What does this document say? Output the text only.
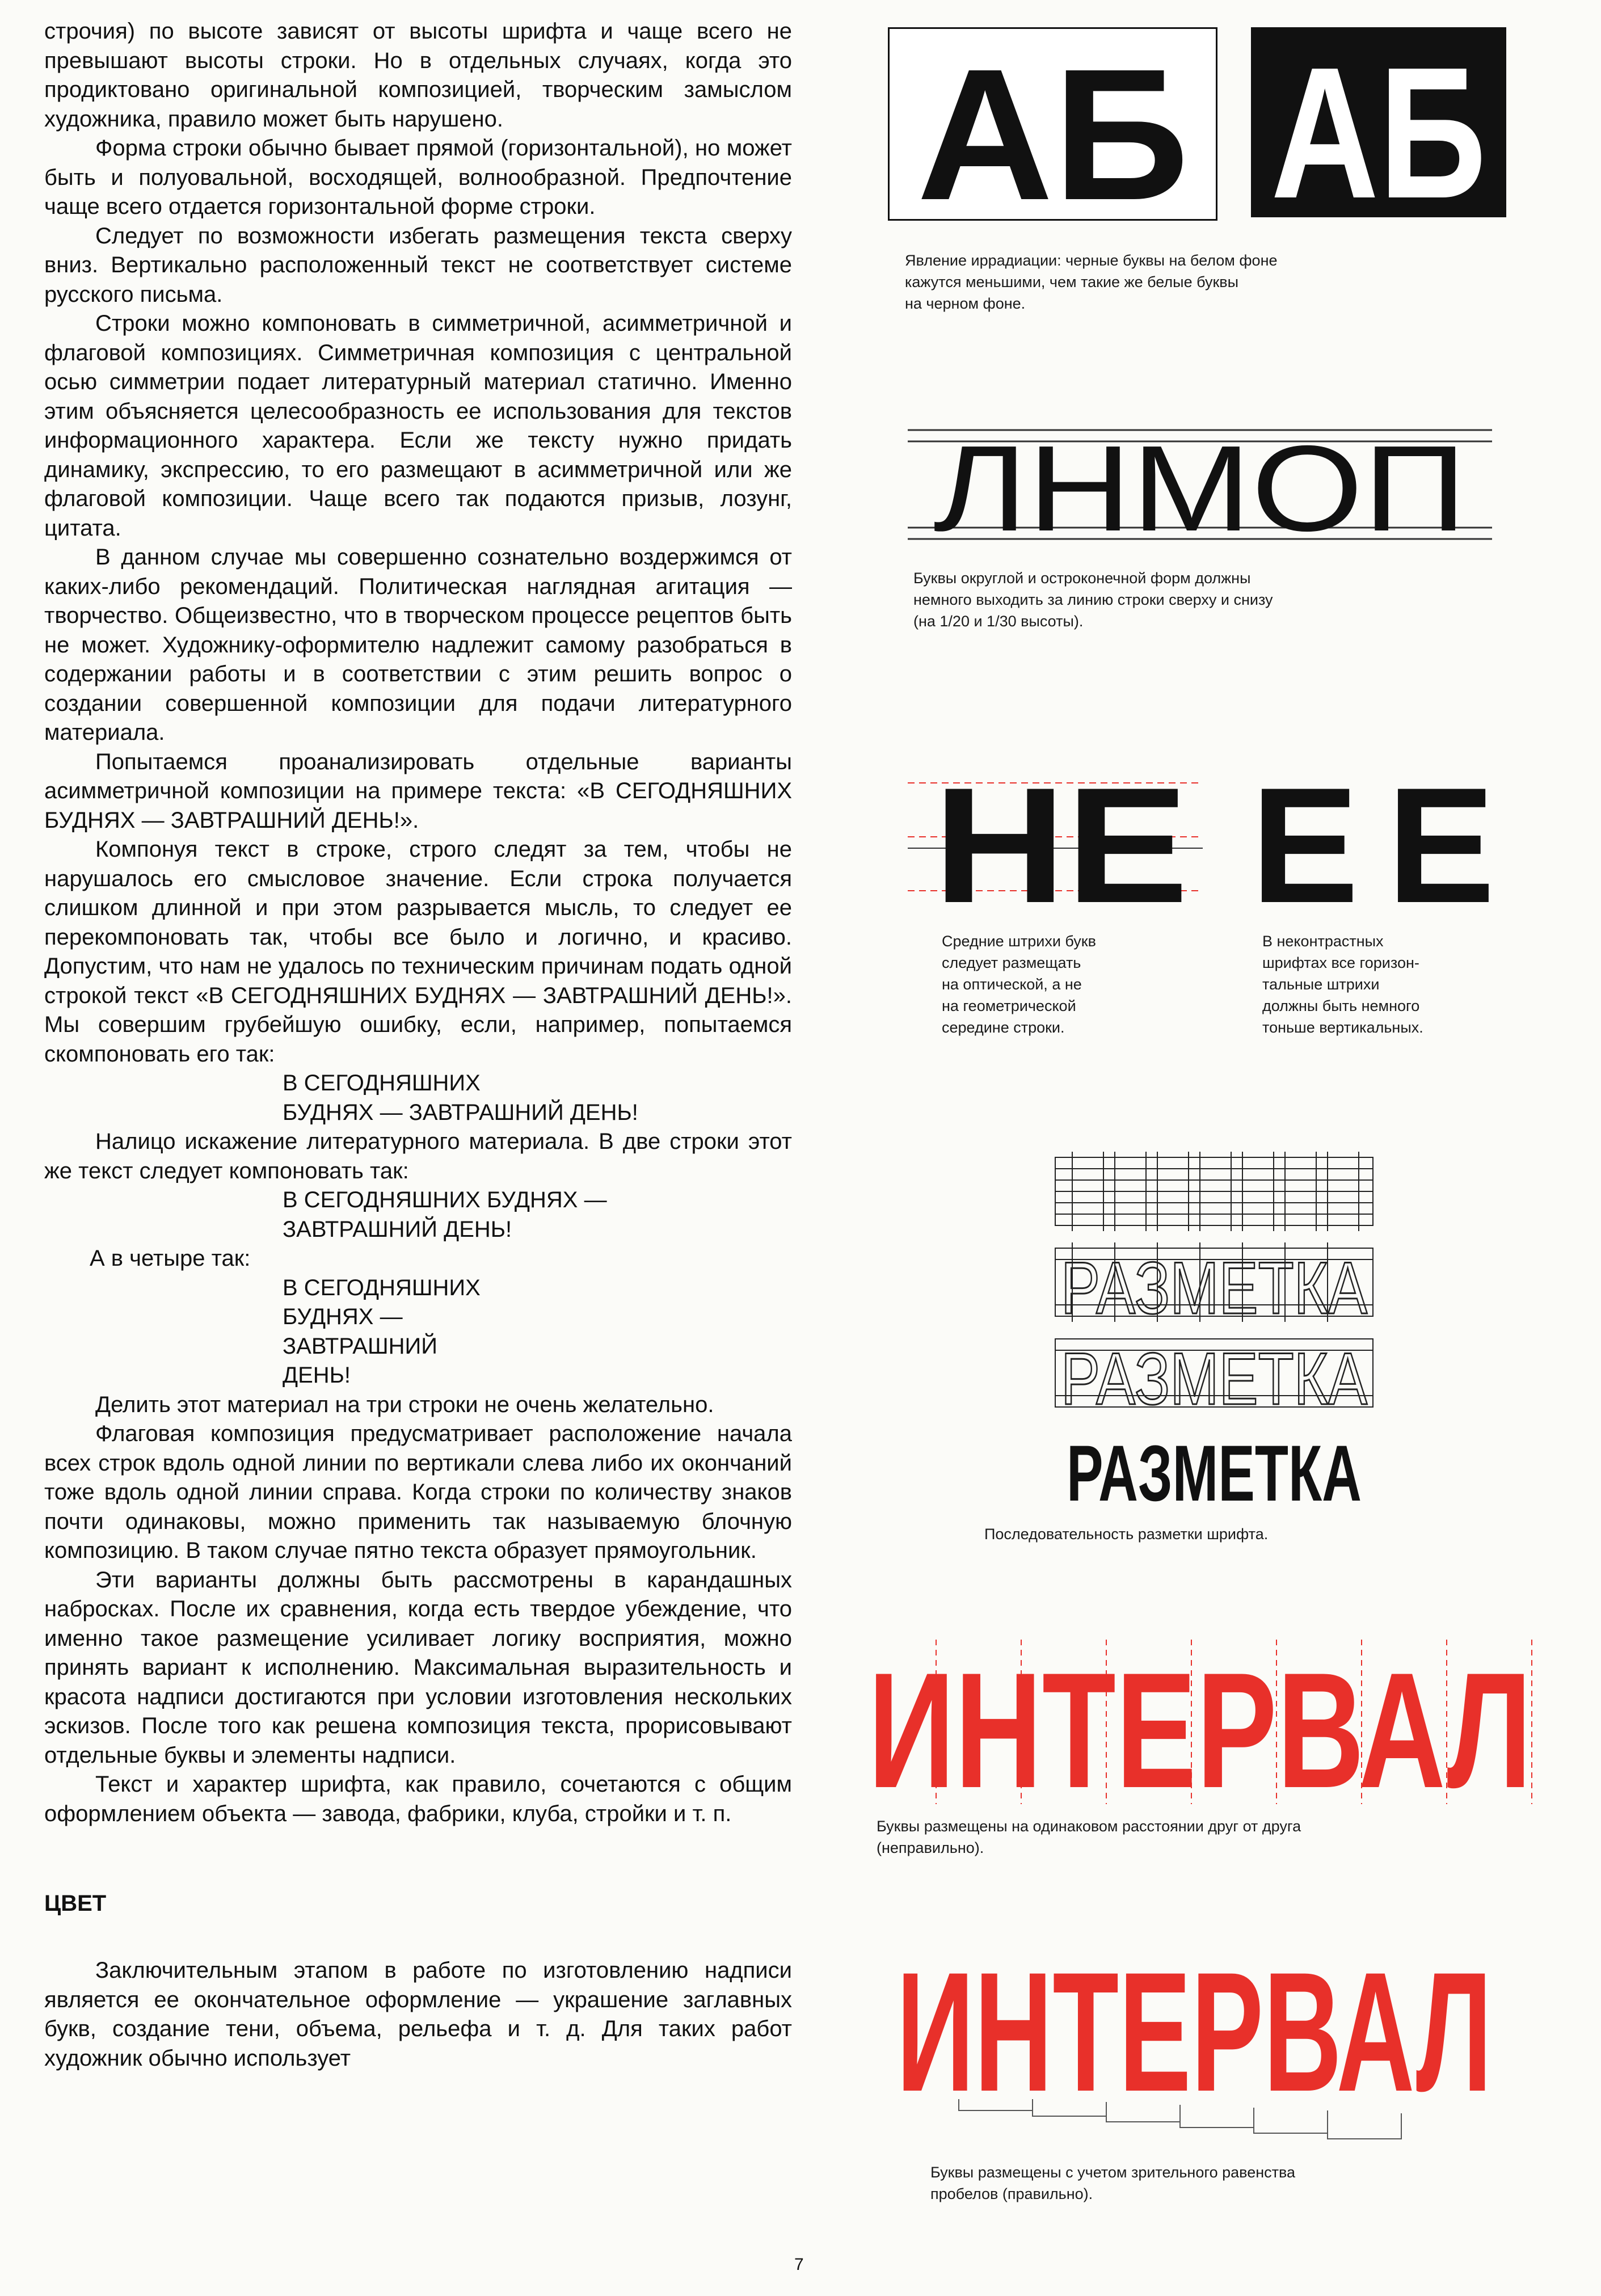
строчия) по высоте зависят от высоты шрифта и чаще всего не превышают высоты строки. Но в отдельных случаях, когда это продиктовано оригинальной композицией, творческим замыслом художника, правило может быть нарушено.

Форма строки обычно бывает прямой (горизонтальной), но может быть и полуовальной, восходящей, волнообразной. Предпочтение чаще всего отдается горизонтальной форме строки.

Следует по возможности избегать размещения текста сверху вниз. Вертикально расположенный текст не соответствует системе русского письма.

Строки можно компоновать в симметричной, асимметричной и флаговой композициях. Симметричная композиция с центральной осью симметрии подает литературный материал статично. Именно этим объясняется целесообразность ее использования для текстов информационного характера. Если же тексту нужно придать динамику, экспрессию, то его размещают в асимметричной или же флаговой композиции. Чаще всего так подаются призыв, лозунг, цитата.

В данном случае мы совершенно сознательно воздержимся от каких-либо рекомендаций. Политическая наглядная агитация — творчество. Общеизвестно, что в творческом процессе рецептов быть не может. Художнику-оформителю надлежит самому разобраться в содержании работы и в соответствии с этим решить вопрос о создании совершенной композиции для подачи литературного материала.

Попытаемся проанализировать отдельные варианты асимметричной композиции на примере текста: «В СЕГОДНЯШНИХ БУДНЯХ — ЗАВТРАШНИЙ ДЕНЬ!».

Компонуя текст в строке, строго следят за тем, чтобы не нарушалось его смысловое значение. Если строка получается слишком длинной и при этом разрывается мысль, то следует ее перекомпоновать так, чтобы все было и логично, и красиво. Допустим, что нам не удалось по техническим причинам подать одной строкой текст «В СЕГОДНЯШНИХ БУДНЯХ — ЗАВТРАШНИЙ ДЕНЬ!». Мы совершим грубейшую ошибку, если, например, попытаемся скомпоновать его так:

В СЕГОДНЯШНИХ
БУДНЯХ — ЗАВТРАШНИЙ ДЕНЬ!

Налицо искажение литературного материала. В две строки этот же текст следует компоновать так:

В СЕГОДНЯШНИХ БУДНЯХ —
ЗАВТРАШНИЙ ДЕНЬ!

А в четыре так:

В СЕГОДНЯШНИХ
БУДНЯХ —
ЗАВТРАШНИЙ
ДЕНЬ!

Делить этот материал на три строки не очень желательно.

Флаговая композиция предусматривает расположение начала всех строк вдоль одной линии по вертикали слева либо их окончаний тоже вдоль одной линии справа. Когда строки по количеству знаков почти одинаковы, можно применить так называемую блочную композицию. В таком случае пятно текста образует прямоугольник.

Эти варианты должны быть рассмотрены в карандашных набросках. После их сравнения, когда есть твердое убеждение, что именно такое размещение усиливает логику восприятия, можно принять вариант к исполнению. Максимальная выразительность и красота надписи достигаются при условии изготовления нескольких эскизов. После того как решена композиция текста, прорисовывают отдельные буквы и элементы надписи.

Текст и характер шрифта, как правило, сочетаются с общим оформлением объекта — завода, фабрики, клуба, стройки и т. п.

ЦВЕТ

Заключительным этапом в работе по изготовлению надписи является ее окончательное оформление — украшение заглавных букв, создание тени, объема, рельефа и т. д. Для таких работ художник обычно использует

АБ АБ
Явление иррадиации: черные буквы на белом фоне
кажутся меньшими, чем такие же белые буквы
на черном фоне.
ЛНМОП
Буквы округлой и остроконечной форм должны
немного выходить за линию строки сверху и снизу
(на 1/20 и 1/30 высоты).
НЕ Е Е
Средние штрихи букв
следует размещать
на оптической, а не
на геометрической
середине строки.
В неконтрастных
шрифтах все горизон-
тальные штрихи
должны быть немного
тоньше вертикальных.
РАЗМЕТКА
РАЗМЕТКА
РАЗМЕТКА
Последовательность разметки шрифта.
ИНТЕРВАЛ
Буквы размещены на одинаковом расстоянии друг от друга
(неправильно).
ИНТЕРВАЛ
Буквы размещены с учетом зрительного равенства
пробелов (правильно).
7
